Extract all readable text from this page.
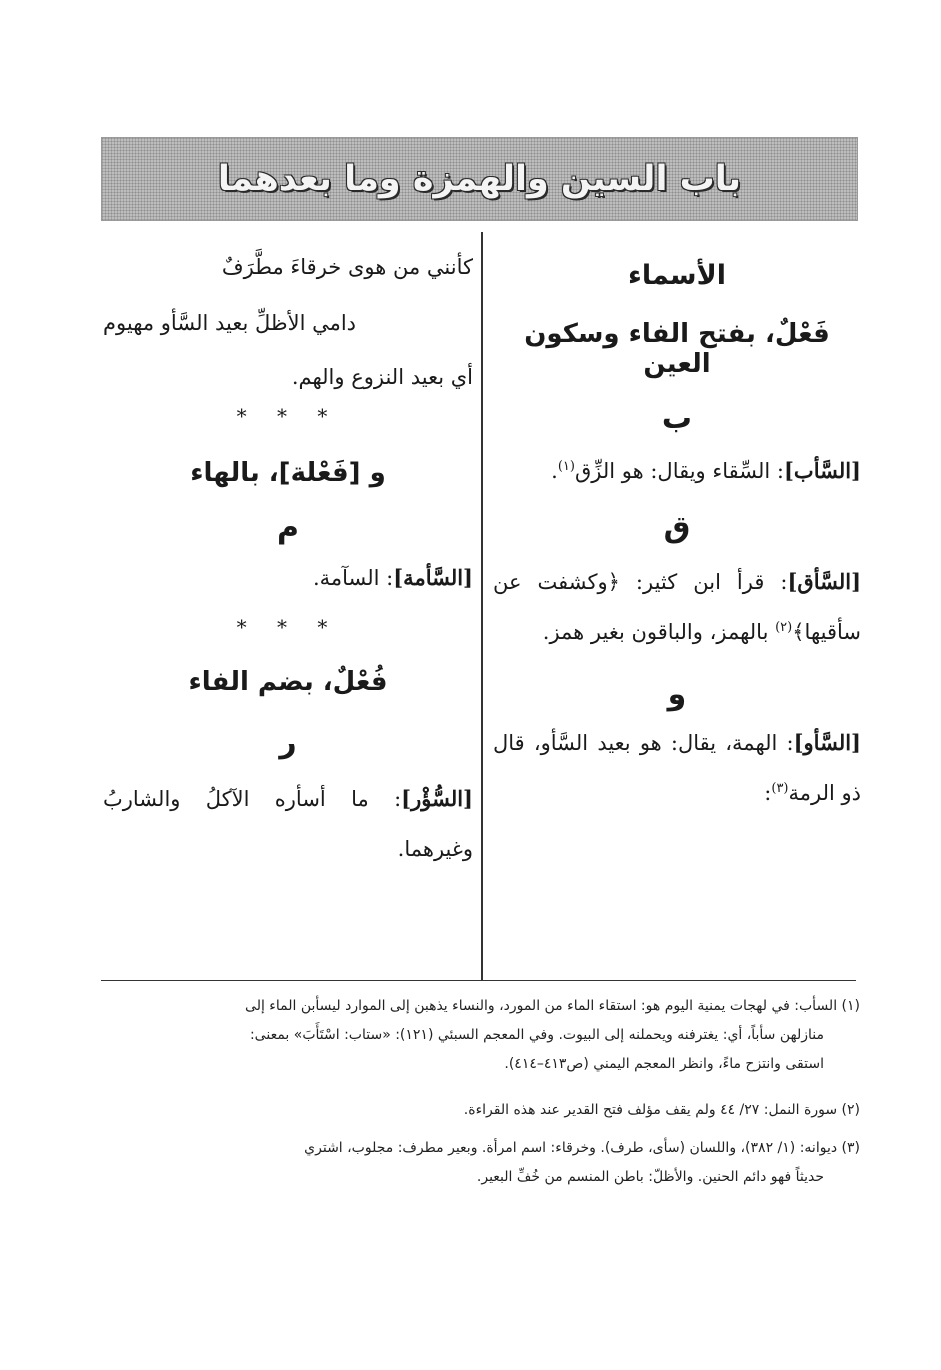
باب السين والهمزة وما بعدهما
الأسماء
فَعْلٌ، بفتح الفاء وسكون العين
ب

[السَّأب]: السِّقاء ويقال: هو الزِّق$^{(١)}$.

ق

[السَّأق]: قرأ ابن كثير: ﴿وكشفت عن سأقيها﴾$^{(٢)}$ بالهمز، والباقون بغير همز.

و

[السَّأو]: الهمة، يقال: هو بعيد السَّأو، قال ذو الرمة$^{(٣)}$:

كأنني من هوى خرقاءَ مطَّرَفٌ

دامي الأظلِّ بعيد السَّأو مهيوم

أي بعيد النزوع والهم.

* * *

و [فَعْلة]، بالهاء
م

[السَّأمة]: السآمة.

* * *

فُعْلٌ، بضم الفاء
ر

[السُّؤْر]: ما أسأره الآكلُ والشاربُ وغيرهما.

(١) السأب: في لهجات يمنية اليوم هو: استقاء الماء من المورد، والنساء يذهبن إلى الموارد ليسأبن الماء إلى
منازلهن سأباً، أي: يغترفنه ويحملنه إلى البيوت. وفي المعجم السبئي (١٢١): «ستاب: اسْتَأَبَ» بمعنى:
استقى وانتزح ماءً، وانظر المعجم اليمني (ص٤١٣–٤١٤).
(٢) سورة النمل: ٢٧/ ٤٤ ولم يقف مؤلف فتح القدير عند هذه القراءة.
(٣) ديوانه: (١/ ٣٨٢)، واللسان (سأى، طرف). وخرقاء: اسم امرأة. وبعير مطرف: مجلوب، اشتري
حديثاً فهو دائم الحنين. والأظلّ: باطن المنسم من خُفِّ البعير.
